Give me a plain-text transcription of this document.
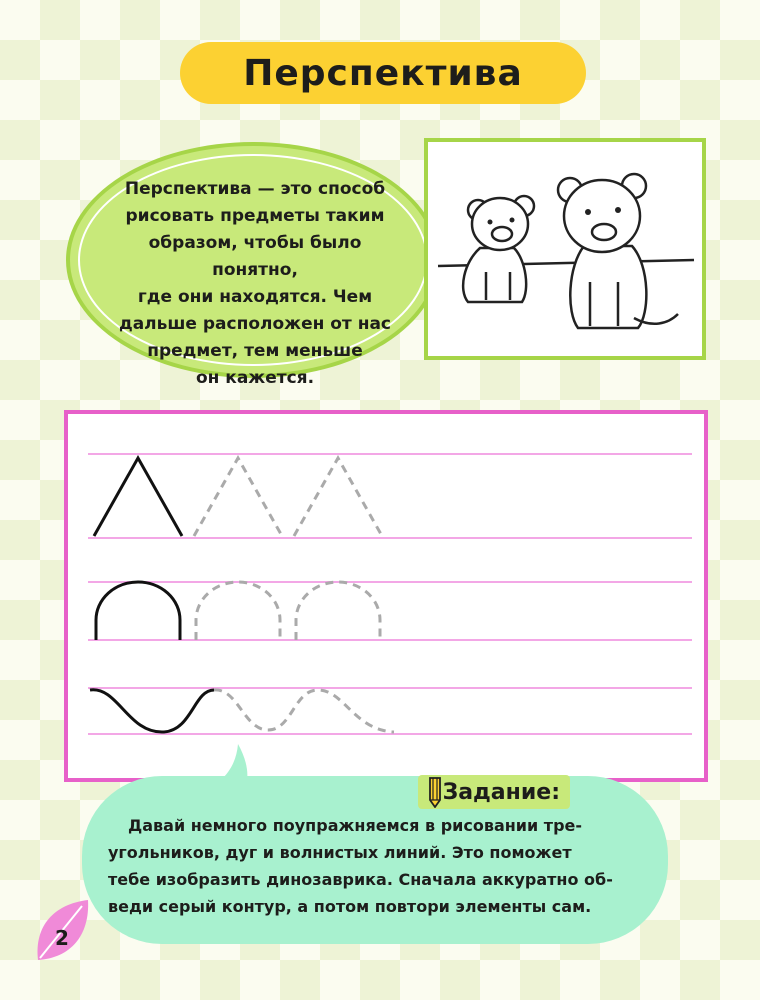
Перспектива
Перспектива — это способ
рисовать предметы таким
образом, чтобы было понятно,
где они находятся. Чем
дальше расположен от нас
предмет, тем меньше
он кажется.
Задание:
Давай немного поупражняемся в рисовании тре-
угольников, дуг и волнистых линий. Это поможет
тебе изобразить динозаврика. Сначала аккуратно об-
веди серый контур, а потом повтори элементы сам.
2
